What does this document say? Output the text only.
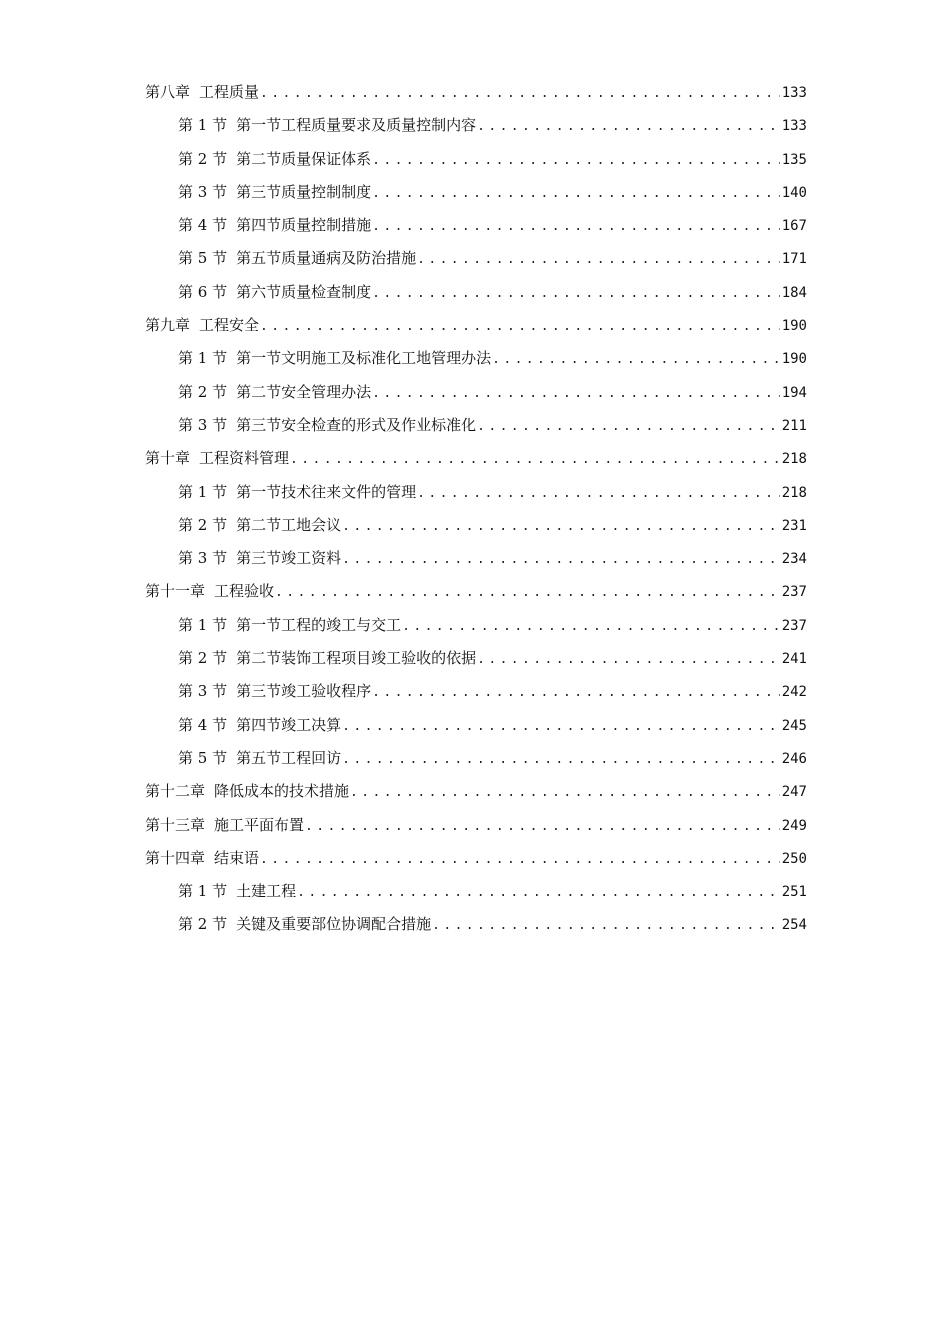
第八章 工程质量 .....	133
第 1 节 第一节工程质量要求及质量控制内容 .....	133
第 2 节 第二节质量保证体系 .....	135
第 3 节 第三节质量控制制度 .....	140
第 4 节 第四节质量控制措施 .....	167
第 5 节 第五节质量通病及防治措施 .....	171
第 6 节 第六节质量检查制度 .....	184
第九章 工程安全 .....	190
第 1 节 第一节文明施工及标准化工地管理办法 .....	190
第 2 节 第二节安全管理办法 .....	194
第 3 节 第三节安全检查的形式及作业标准化 .....	211
第十章 工程资料管理 .....	218
第 1 节 第一节技术往来文件的管理 .....	218
第 2 节 第二节工地会议 .....	231
第 3 节 第三节竣工资料 .....	234
第十一章 工程验收 .....	237
第 1 节 第一节工程的竣工与交工 .....	237
第 2 节 第二节装饰工程项目竣工验收的依据 .....	241
第 3 节 第三节竣工验收程序 .....	242
第 4 节 第四节竣工决算 .....	245
第 5 节 第五节工程回访 .....	246
第十二章 降低成本的技术措施 .....	247
第十三章 施工平面布置 .....	249
第十四章 结束语 .....	250
第 1 节 土建工程 .....	251
第 2 节 关键及重要部位协调配合措施 .....	254
